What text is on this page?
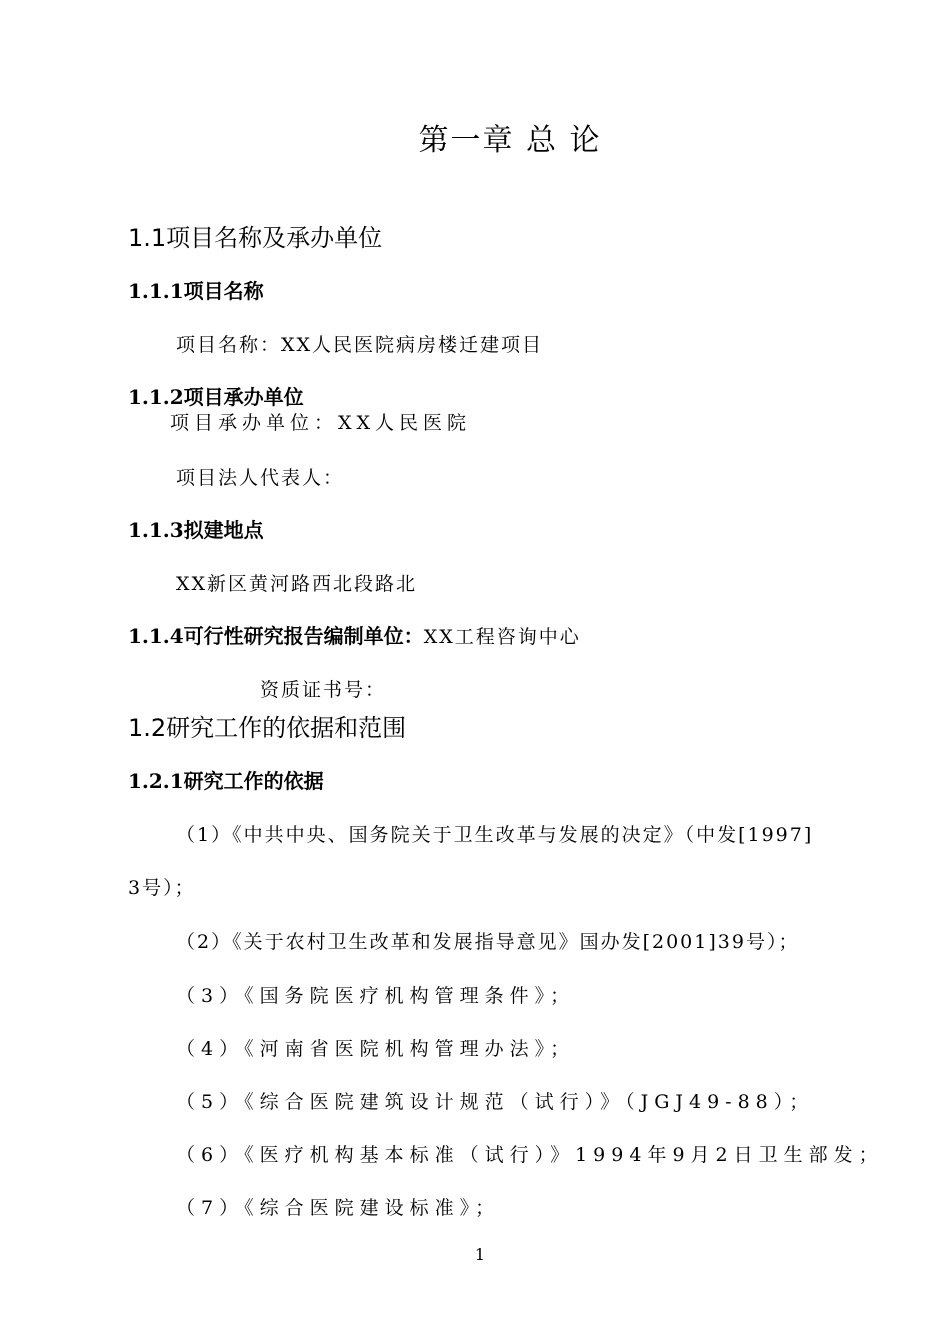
第一章 总 论
1.1项目名称及承办单位
1.1.1项目名称
项目名称：XX人民医院病房楼迁建项目
1.1.2项目承办单位
项目承办单位：XX人民医院
项目法人代表人：
1.1.3拟建地点
XX新区黄河路西北段路北
1.1.4可行性研究报告编制单位：XX工程咨询中心
资质证书号：
1.2研究工作的依据和范围
1.2.1研究工作的依据
（1）《中共中央、国务院关于卫生改革与发展的决定》（中发[1997]
3号）；
（2）《关于农村卫生改革和发展指导意见》国办发[2001]39号）；
（3）《国务院医疗机构管理条件》；
（4）《河南省医院机构管理办法》；
（5）《综合医院建筑设计规范（试行）》（JGJ49-88）；
（6）《医疗机构基本标准（试行）》1994年9月2日卫生部发；
（7）《综合医院建设标准》；
1
